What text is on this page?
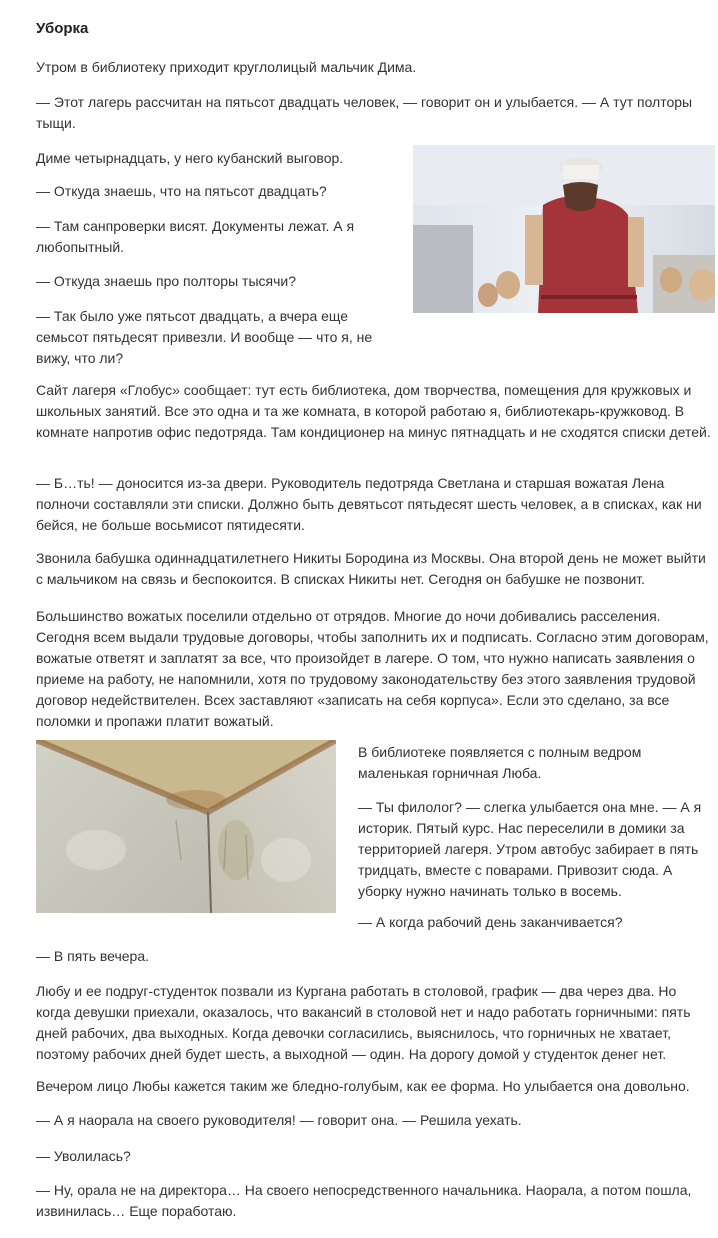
Уборка

Утром в библиотеку приходит круглолицый мальчик Дима.

— Этот лагерь рассчитан на пятьсот двадцать человек, — говорит он и улыбается. — А тут полторы тыщи.

Диме четырнадцать, у него кубанский выговор.

— Откуда знаешь, что на пятьсот двадцать?

— Там санпроверки висят. Документы лежат. А я любопытный.

— Откуда знаешь про полторы тысячи?

— Так было уже пятьсот двадцать, а вчера еще семьсот пятьдесят привезли. И вообще — что я, не вижу, что ли?

Сайт лагеря «Глобус» сообщает: тут есть библиотека, дом творчества, помещения для кружковых и школьных занятий. Все это одна и та же комната, в которой работаю я, библиотекарь-кружковод. В комнате напротив офис педотряда. Там кондиционер на минус пятнадцать и не сходятся списки детей.

— Б…ть! — доносится из-за двери. Руководитель педотряда Светлана и старшая вожатая Лена полночи составляли эти списки. Должно быть девятьсот пятьдесят шесть человек, а в списках, как ни бейся, не больше восьмисот пятидесяти.

Звонила бабушка одиннадцатилетнего Никиты Бородина из Москвы. Она второй день не может выйти с мальчиком на связь и беспокоится. В списках Никиты нет. Сегодня он бабушке не позвонит.

Большинство вожатых поселили отдельно от отрядов. Многие до ночи добивались расселения. Сегодня всем выдали трудовые договоры, чтобы заполнить их и подписать. Согласно этим договорам, вожатые ответят и заплатят за все, что произойдет в лагере. О том, что нужно написать заявления о приеме на работу, не напомнили, хотя по трудовому законодательству без этого заявления трудовой договор недействителен. Всех заставляют «записать на себя корпуса». Если это сделано, за все поломки и пропажи платит вожатый.

В библиотеке появляется с полным ведром маленькая горничная Люба.

— Ты филолог? — слегка улыбается она мне. — А я историк. Пятый курс. Нас переселили в домики за территорией лагеря. Утром автобус забирает в пять тридцать, вместе с поварами. Привозит сюда. А уборку нужно начинать только в восемь.

— А когда рабочий день заканчивается?

— В пять вечера.

Любу и ее подруг-студенток позвали из Кургана работать в столовой, график — два через два. Но когда девушки приехали, оказалось, что вакансий в столовой нет и надо работать горничными: пять дней рабочих, два выходных. Когда девочки согласились, выяснилось, что горничных не хватает, поэтому рабочих дней будет шесть, а выходной — один. На дорогу домой у студенток денег нет.

Вечером лицо Любы кажется таким же бледно-голубым, как ее форма. Но улыбается она довольно.

— А я наорала на своего руководителя! — говорит она. — Решила уехать.

— Уволилась?

— Ну, орала не на директора… На своего непосредственного начальника. Наорала, а потом пошла, извинилась… Еще поработаю.
